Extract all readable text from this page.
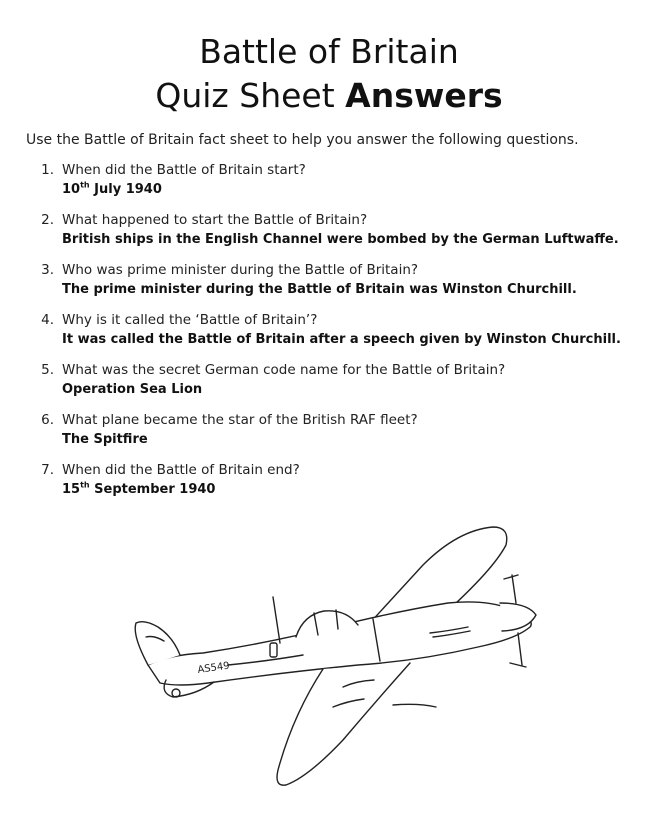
Battle of Britain
Quiz Sheet Answers
Use the Battle of Britain fact sheet to help you answer the following questions.
1. When did the Battle of Britain start?
10th July 1940
2. What happened to start the Battle of Britain?
British ships in the English Channel were bombed by the German Luftwaffe.
3. Who was prime minister during the Battle of Britain?
The prime minister during the Battle of Britain was Winston Churchill.
4. Why is it called the ‘Battle of Britain’?
It was called the Battle of Britain after a speech given by Winston Churchill.
5. What was the secret German code name for the Battle of Britain?
Operation Sea Lion
6. What plane became the star of the British RAF fleet?
The Spitfire
7. When did the Battle of Britain end?
15th September 1940
AS549
